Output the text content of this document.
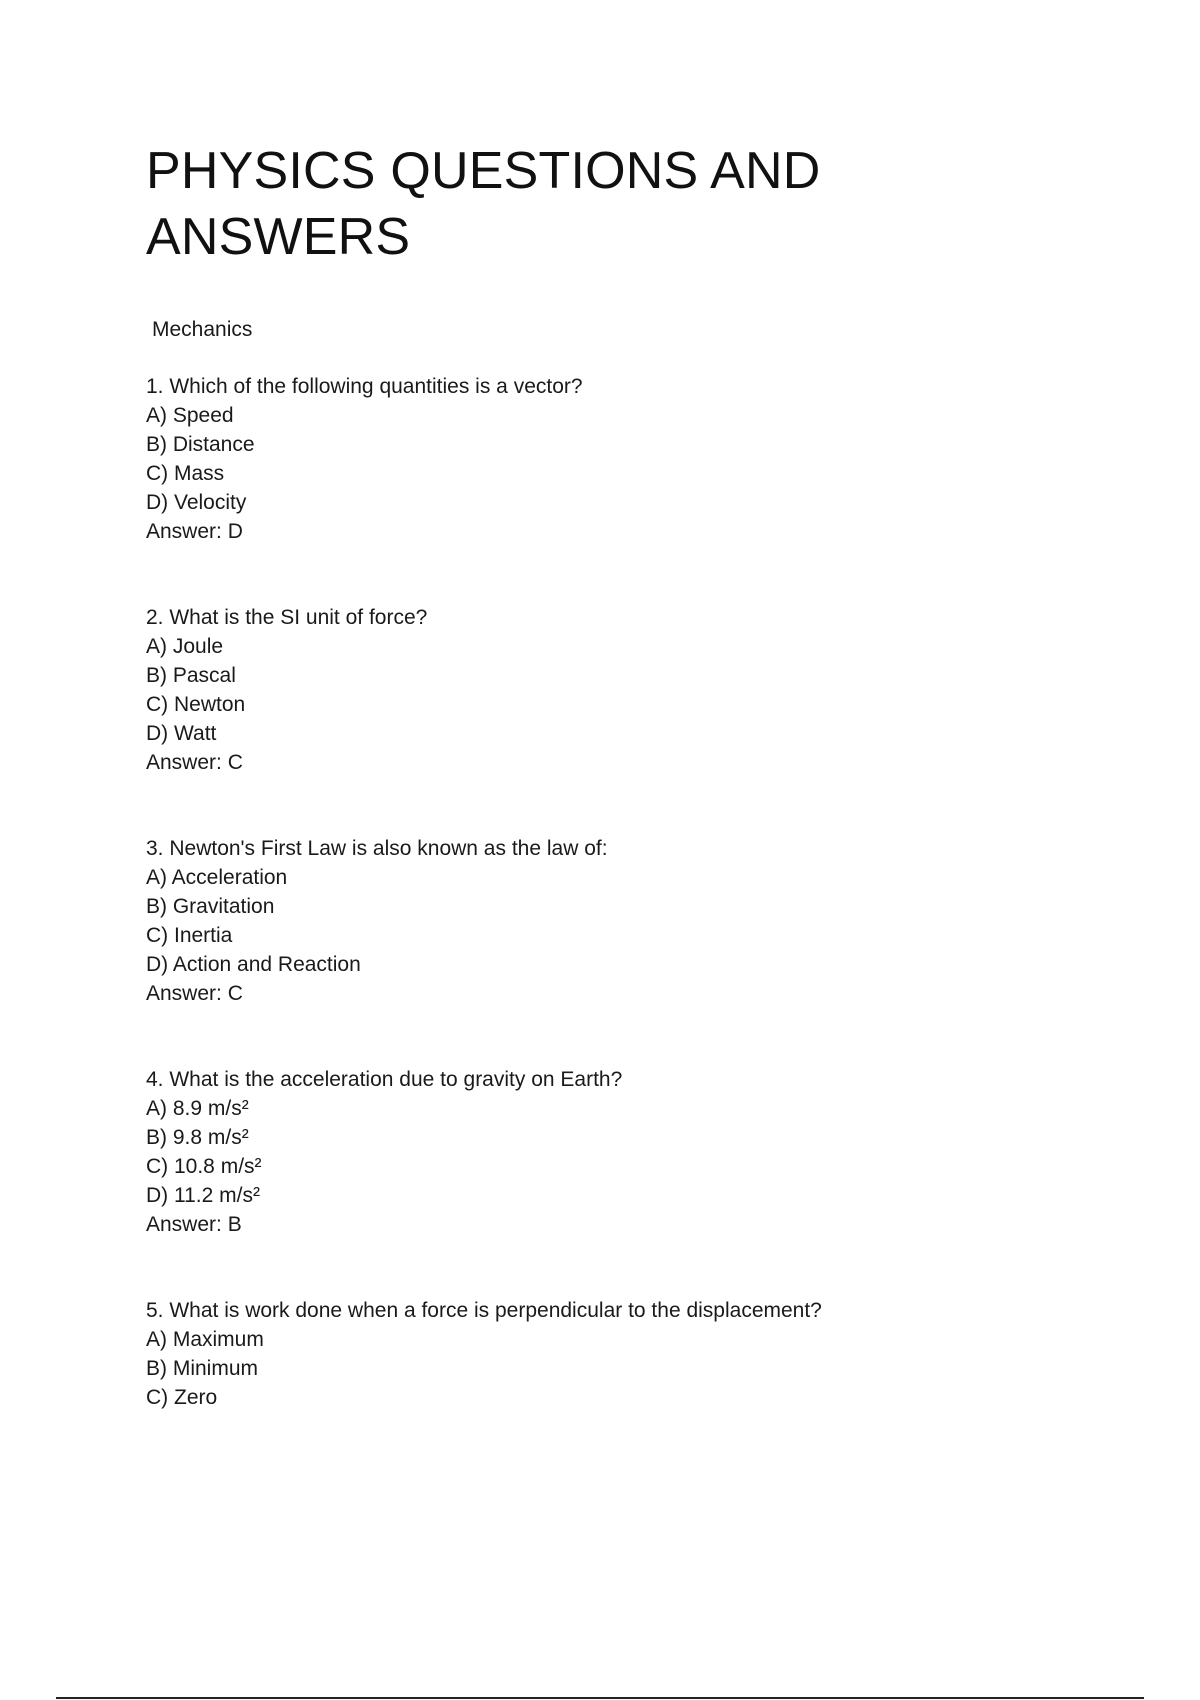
PHYSICS QUESTIONS AND ANSWERS
Mechanics
1. Which of the following quantities is a vector?
A) Speed
B) Distance
C) Mass
D) Velocity
Answer: D
2. What is the SI unit of force?
A) Joule
B) Pascal
C) Newton
D) Watt
Answer: C
3. Newton's First Law is also known as the law of:
A) Acceleration
B) Gravitation
C) Inertia
D) Action and Reaction
Answer: C
4. What is the acceleration due to gravity on Earth?
A) 8.9 m/s²
B) 9.8 m/s²
C) 10.8 m/s²
D) 11.2 m/s²
Answer: B
5. What is work done when a force is perpendicular to the displacement?
A) Maximum
B) Minimum
C) Zero
